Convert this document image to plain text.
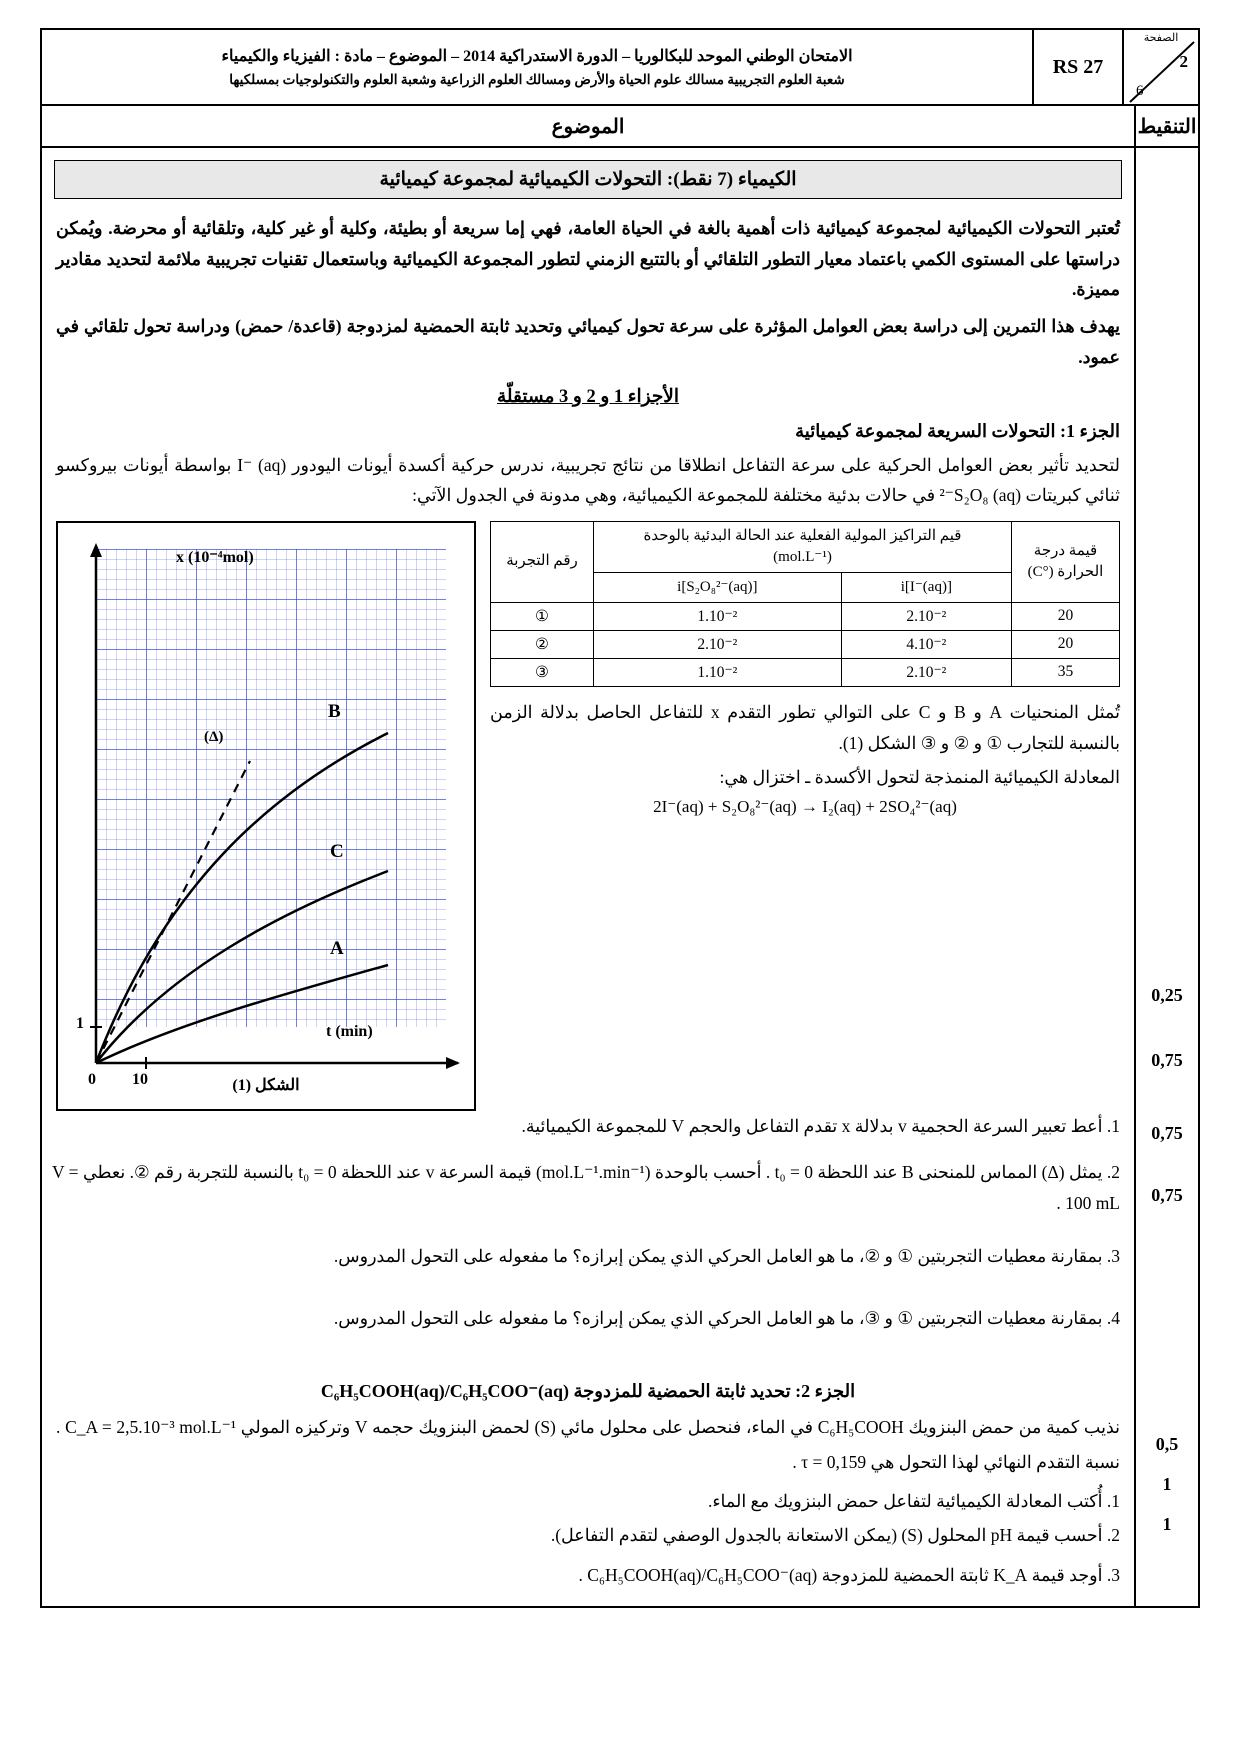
الصفحة
2
6
RS 27
الامتحان الوطني الموحد للبكالوريا – الدورة الاستدراكية 2014 – الموضوع – مادة : الفيزياء والكيمياء
شعبة العلوم التجريبية مسالك علوم الحياة والأرض ومسالك العلوم الزراعية وشعبة العلوم والتكنولوجيات بمسلكيها
التنقيط
0,25
0,75
0,75
0,75
0,5
1
1
الموضوع
الكيمياء (7 نقط): التحولات الكيميائية لمجموعة كيميائية
تُعتبر التحولات الكيميائية لمجموعة كيميائية ذات أهمية بالغة في الحياة العامة، فهي إما سريعة أو بطيئة، وكلية أو غير كلية، وتلقائية أو محرضة. ويُمكن دراستها على المستوى الكمي باعتماد معيار التطور التلقائي أو بالتتبع الزمني لتطور المجموعة الكيميائية وباستعمال تقنيات تجريبية ملائمة لتحديد مقادير مميزة.
يهدف هذا التمرين إلى دراسة بعض العوامل المؤثرة على سرعة تحول كيميائي وتحديد ثابتة الحمضية لمزدوجة (قاعدة/ حمض) ودراسة تحول تلقائي في عمود.
الأجزاء 1 و 2 و 3 مستقلّة
الجزء 1: التحولات السريعة لمجموعة كيميائية
لتحديد تأثير بعض العوامل الحركية على سرعة التفاعل انطلاقا من نتائج تجريبية، ندرس حركية أكسدة أيونات اليودور (aq) ⁻I بواسطة أيونات بيروكسو ثنائي كبريتات (aq) ²⁻S₂O₈ في حالات بدئية مختلفة للمجموعة الكيميائية، وهي مدونة في الجدول الآتي:
قيمة درجة الحرارة (°C)	قيم التراكيز المولية الفعلية عند الحالة البدئية بالوحدة
(mol.L⁻¹)		رقم التجربة
	[I⁻(aq)]i	[S₂O₈²⁻(aq)]i	
20	2.10⁻²	1.10⁻²	①
20	4.10⁻²	2.10⁻²	②
35	2.10⁻²	1.10⁻²	③
تُمثل المنحنيات A و B و C على التوالي تطور التقدم x للتفاعل الحاصل بدلالة الزمن بالنسبة للتجارب ① و ② و ③ الشكل (1).
المعادلة الكيميائية المنمذجة لتحول الأكسدة ـ اختزال هي:
2I⁻(aq) + S₂O₈²⁻(aq) → I₂(aq) + 2SO₄²⁻(aq)
x (10⁻⁴mol)
t (min)
B
C
A
(Δ)
1
0 10	الشكل (1)
1. أعط تعبير السرعة الحجمية v بدلالة x تقدم التفاعل والحجم V للمجموعة الكيميائية.
2. يمثل (Δ) المماس للمنحنى B عند اللحظة t₀ = 0 . أحسب بالوحدة (mol.L⁻¹.min⁻¹) قيمة السرعة v عند اللحظة t₀ = 0 بالنسبة للتجربة رقم ②. نعطي V = 100 mL .
3. بمقارنة معطيات التجربتين ① و ②، ما هو العامل الحركي الذي يمكن إبرازه؟ ما مفعوله على التحول المدروس.
4. بمقارنة معطيات التجربتين ① و ③، ما هو العامل الحركي الذي يمكن إبرازه؟ ما مفعوله على التحول المدروس.
الجزء 2: تحديد ثابتة الحمضية للمزدوجة C₆H₅COOH(aq)/C₆H₅COO⁻(aq)
نذيب كمية من حمض البنزويك C₆H₅COOH في الماء، فنحصل على محلول مائي (S) لحمض البنزويك حجمه V وتركيزه المولي C_A = 2,5.10⁻³ mol.L⁻¹ . نسبة التقدم النهائي لهذا التحول هي τ = 0,159 .
1. أُكتب المعادلة الكيميائية لتفاعل حمض البنزويك مع الماء.
2. أحسب قيمة pH المحلول (S) (يمكن الاستعانة بالجدول الوصفي لتقدم التفاعل).
3. أوجد قيمة K_A ثابتة الحمضية للمزدوجة C₆H₅COOH(aq)/C₆H₅COO⁻(aq) .
